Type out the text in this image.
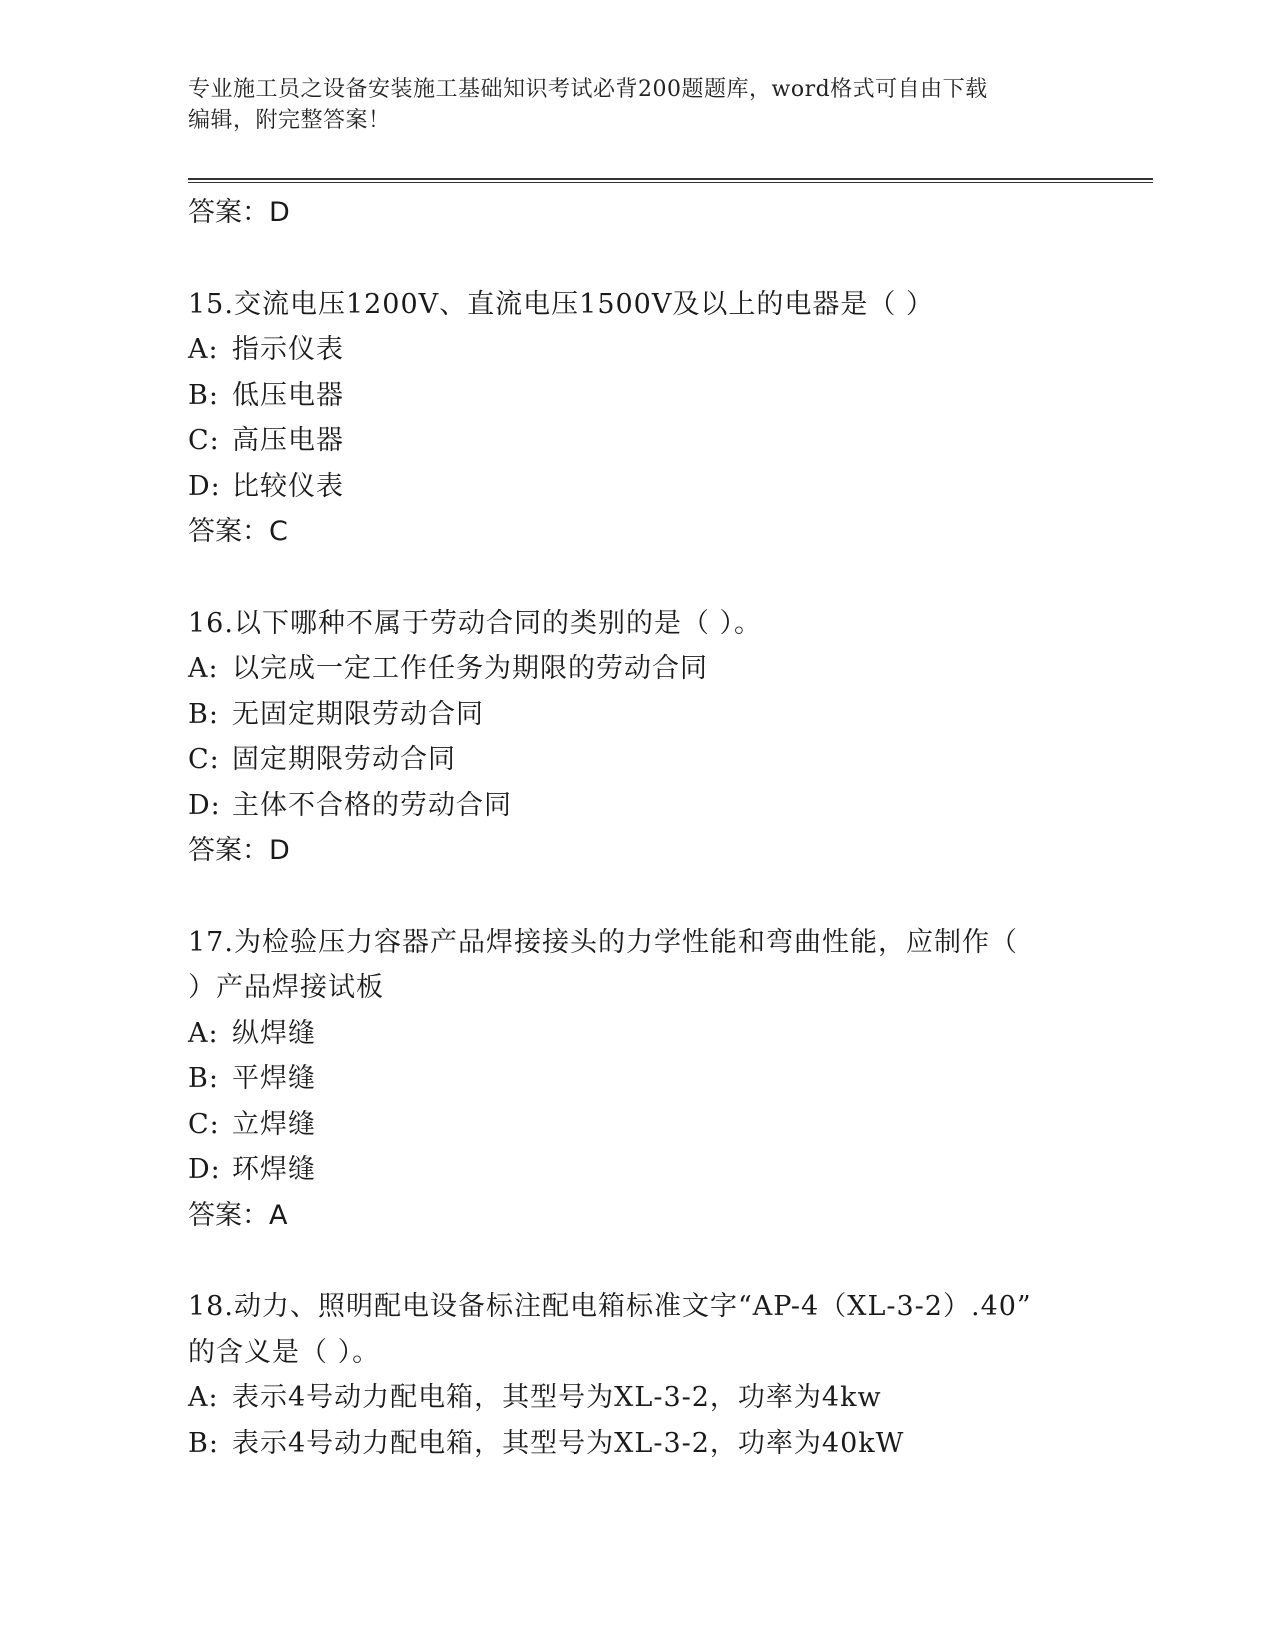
专业施工员之设备安装施工基础知识考试必背200题题库，word格式可自由下载
编辑，附完整答案！
答案：D
15.交流电压1200V、直流电压1500V及以上的电器是（ ）
A: 指示仪表
B: 低压电器
C: 高压电器
D: 比较仪表
答案：C
16.以下哪种不属于劳动合同的类别的是（ ）。
A: 以完成一定工作任务为期限的劳动合同
B: 无固定期限劳动合同
C: 固定期限劳动合同
D: 主体不合格的劳动合同
答案：D
17.为检验压力容器产品焊接接头的力学性能和弯曲性能，应制作（
）产品焊接试板
A: 纵焊缝
B: 平焊缝
C: 立焊缝
D: 环焊缝
答案：A
18.动力、照明配电设备标注配电箱标准文字“AP-4（XL-3-2）.40”
的含义是（ ）。
A: 表示4号动力配电箱，其型号为XL-3-2，功率为4kw
B: 表示4号动力配电箱，其型号为XL-3-2，功率为40kW
